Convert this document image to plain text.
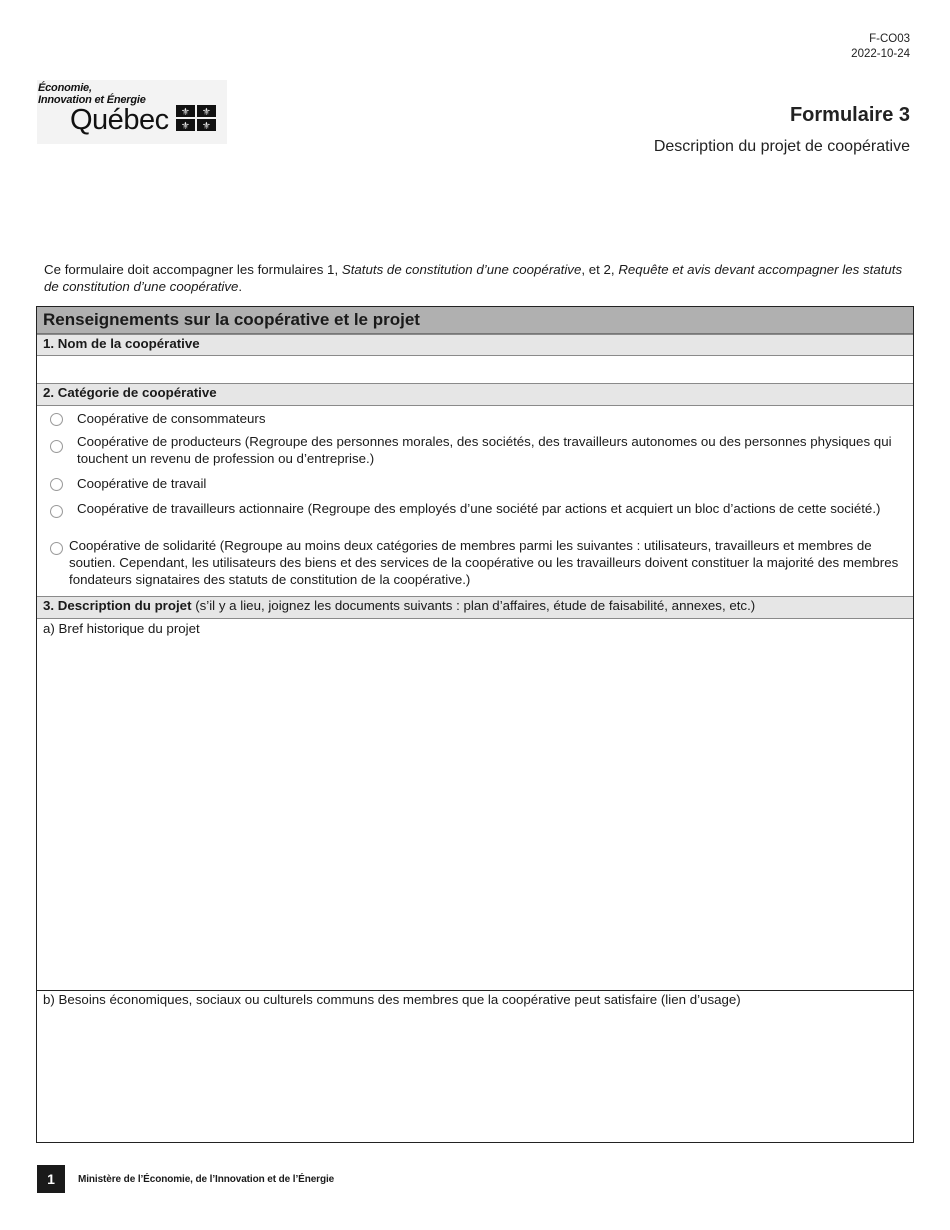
F-CO03
2022-10-24
Économie,
Innovation et Énergie
Québec ⚜ ⚜
⚜ ⚜
Formulaire 3
Description du projet de coopérative
Ce formulaire doit accompagner les formulaires 1, Statuts de constitution d’une coopérative, et 2, Requête et avis devant accompagner les statuts de constitution d’une coopérative.
Renseignements sur la coopérative et le projet
1. Nom de la coopérative
2. Catégorie de coopérative
Coopérative de consommateurs
Coopérative de producteurs (Regroupe des personnes morales, des sociétés, des travailleurs autonomes ou des personnes physiques qui touchent un revenu de profession ou d’entreprise.)
Coopérative de travail
Coopérative de travailleurs actionnaire (Regroupe des employés d’une société par actions et acquiert un bloc d’actions de cette société.)
Coopérative de solidarité (Regroupe au moins deux catégories de membres parmi les suivantes : utilisateurs, travailleurs et membres de soutien. Cependant, les utilisateurs des biens et des services de la coopérative ou les travailleurs doivent constituer la majorité des membres fondateurs signataires des statuts de constitution de la coopérative.)
3. Description du projet (s’il y a lieu, joignez les documents suivants : plan d’affaires, étude de faisabilité, annexes, etc.)
a) Bref historique du projet
b) Besoins économiques, sociaux ou culturels communs des membres que la coopérative peut satisfaire (lien d’usage)
1	Ministère de l’Économie, de l’Innovation et de l’Énergie
